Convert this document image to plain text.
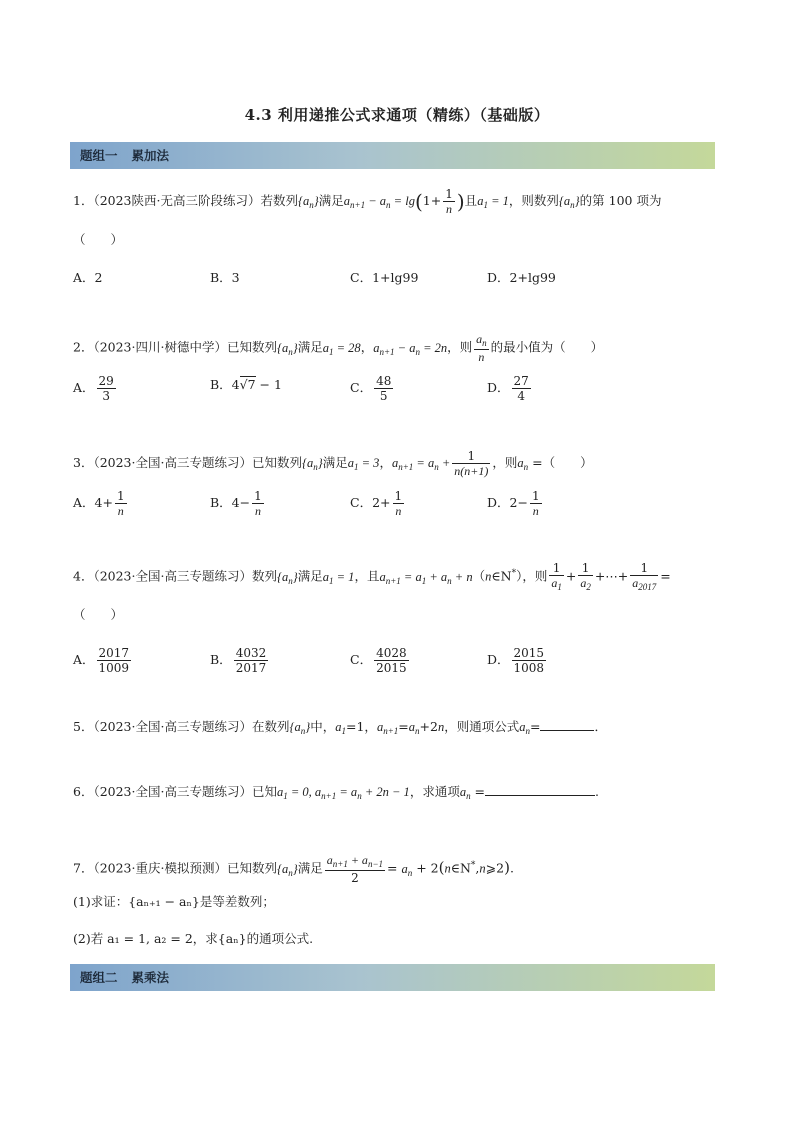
4.3 利用递推公式求通项（精练）（基础版）
题组一 累加法
1．（2023陕西·无高三阶段练习）若数列$\{a_n\}$满足$a_{n+1} - a_n = \lg(1+ \frac{1}{n}$ )且$a_1 = 1$，则数列$\{a_n\}$的第 100 项为
（　　）
A．2	B．3	C．1+lg99	D．2+lg99
2．（2023·四川·树德中学）已知数列$\{a_n\}$满足$a_1 = 28$，$a_{n+1} - a_n = 2n$，则 $\frac{a_n}{n}$ 的最小值为（　　）
A． $\frac{29}{3}$	B．4√7 − 1	C． $\frac{48}{5}$	D． $\frac{27}{4}$
3．（2023·全国·高三专题练习）已知数列$\{a_n\}$满足$a_1 = 3$，$a_{n+1} = a_n + \frac{1}{n(n+1)}$ ，则$a_n$ =（　　）
A．$4+ \frac{1}{n}$	B．$4- \frac{1}{n}$	C．$2+ \frac{1}{n}$	D．$2- \frac{1}{n}$
4．（2023·全国·高三专题练习）数列$\{a_n\}$满足$a_1 = 1$，且$a_{n+1} = a_1 + a_n$ + n（n∈N*），则 $\frac{1}{a_1} + \frac{1}{a_2}$ +⋯+ $\frac{1}{a_{2017}}$ =
（　　）
A． $\frac{2017}{1009}$	B． $\frac{4032}{2017}$	C． $\frac{4028}{2015}$	D． $\frac{2015}{1008}$
5．（2023·全国·高三专题练习）在数列$\{a_n\}$中，$a_1=1$，$a_{n+1}=a_n+2n$，则通项公式$a_n=$	．
6．（2023·全国·高三专题练习）已知$a_1 = 0$, $a_{n+1} = a_n + 2n - 1$，求通项$a_n$ =	.
7．（2023·重庆·模拟预测）已知数列$\{a_n\}$满足 $\frac{a_{n+1} + a_{n-1}}{2} = a_n$ + 2(n∈N*,n⩾2).
(1)求证：{aₙ₊₁ − aₙ}是等差数列；
(2)若 a₁ = 1, a₂ = 2，求{aₙ}的通项公式.
题组二 累乘法
